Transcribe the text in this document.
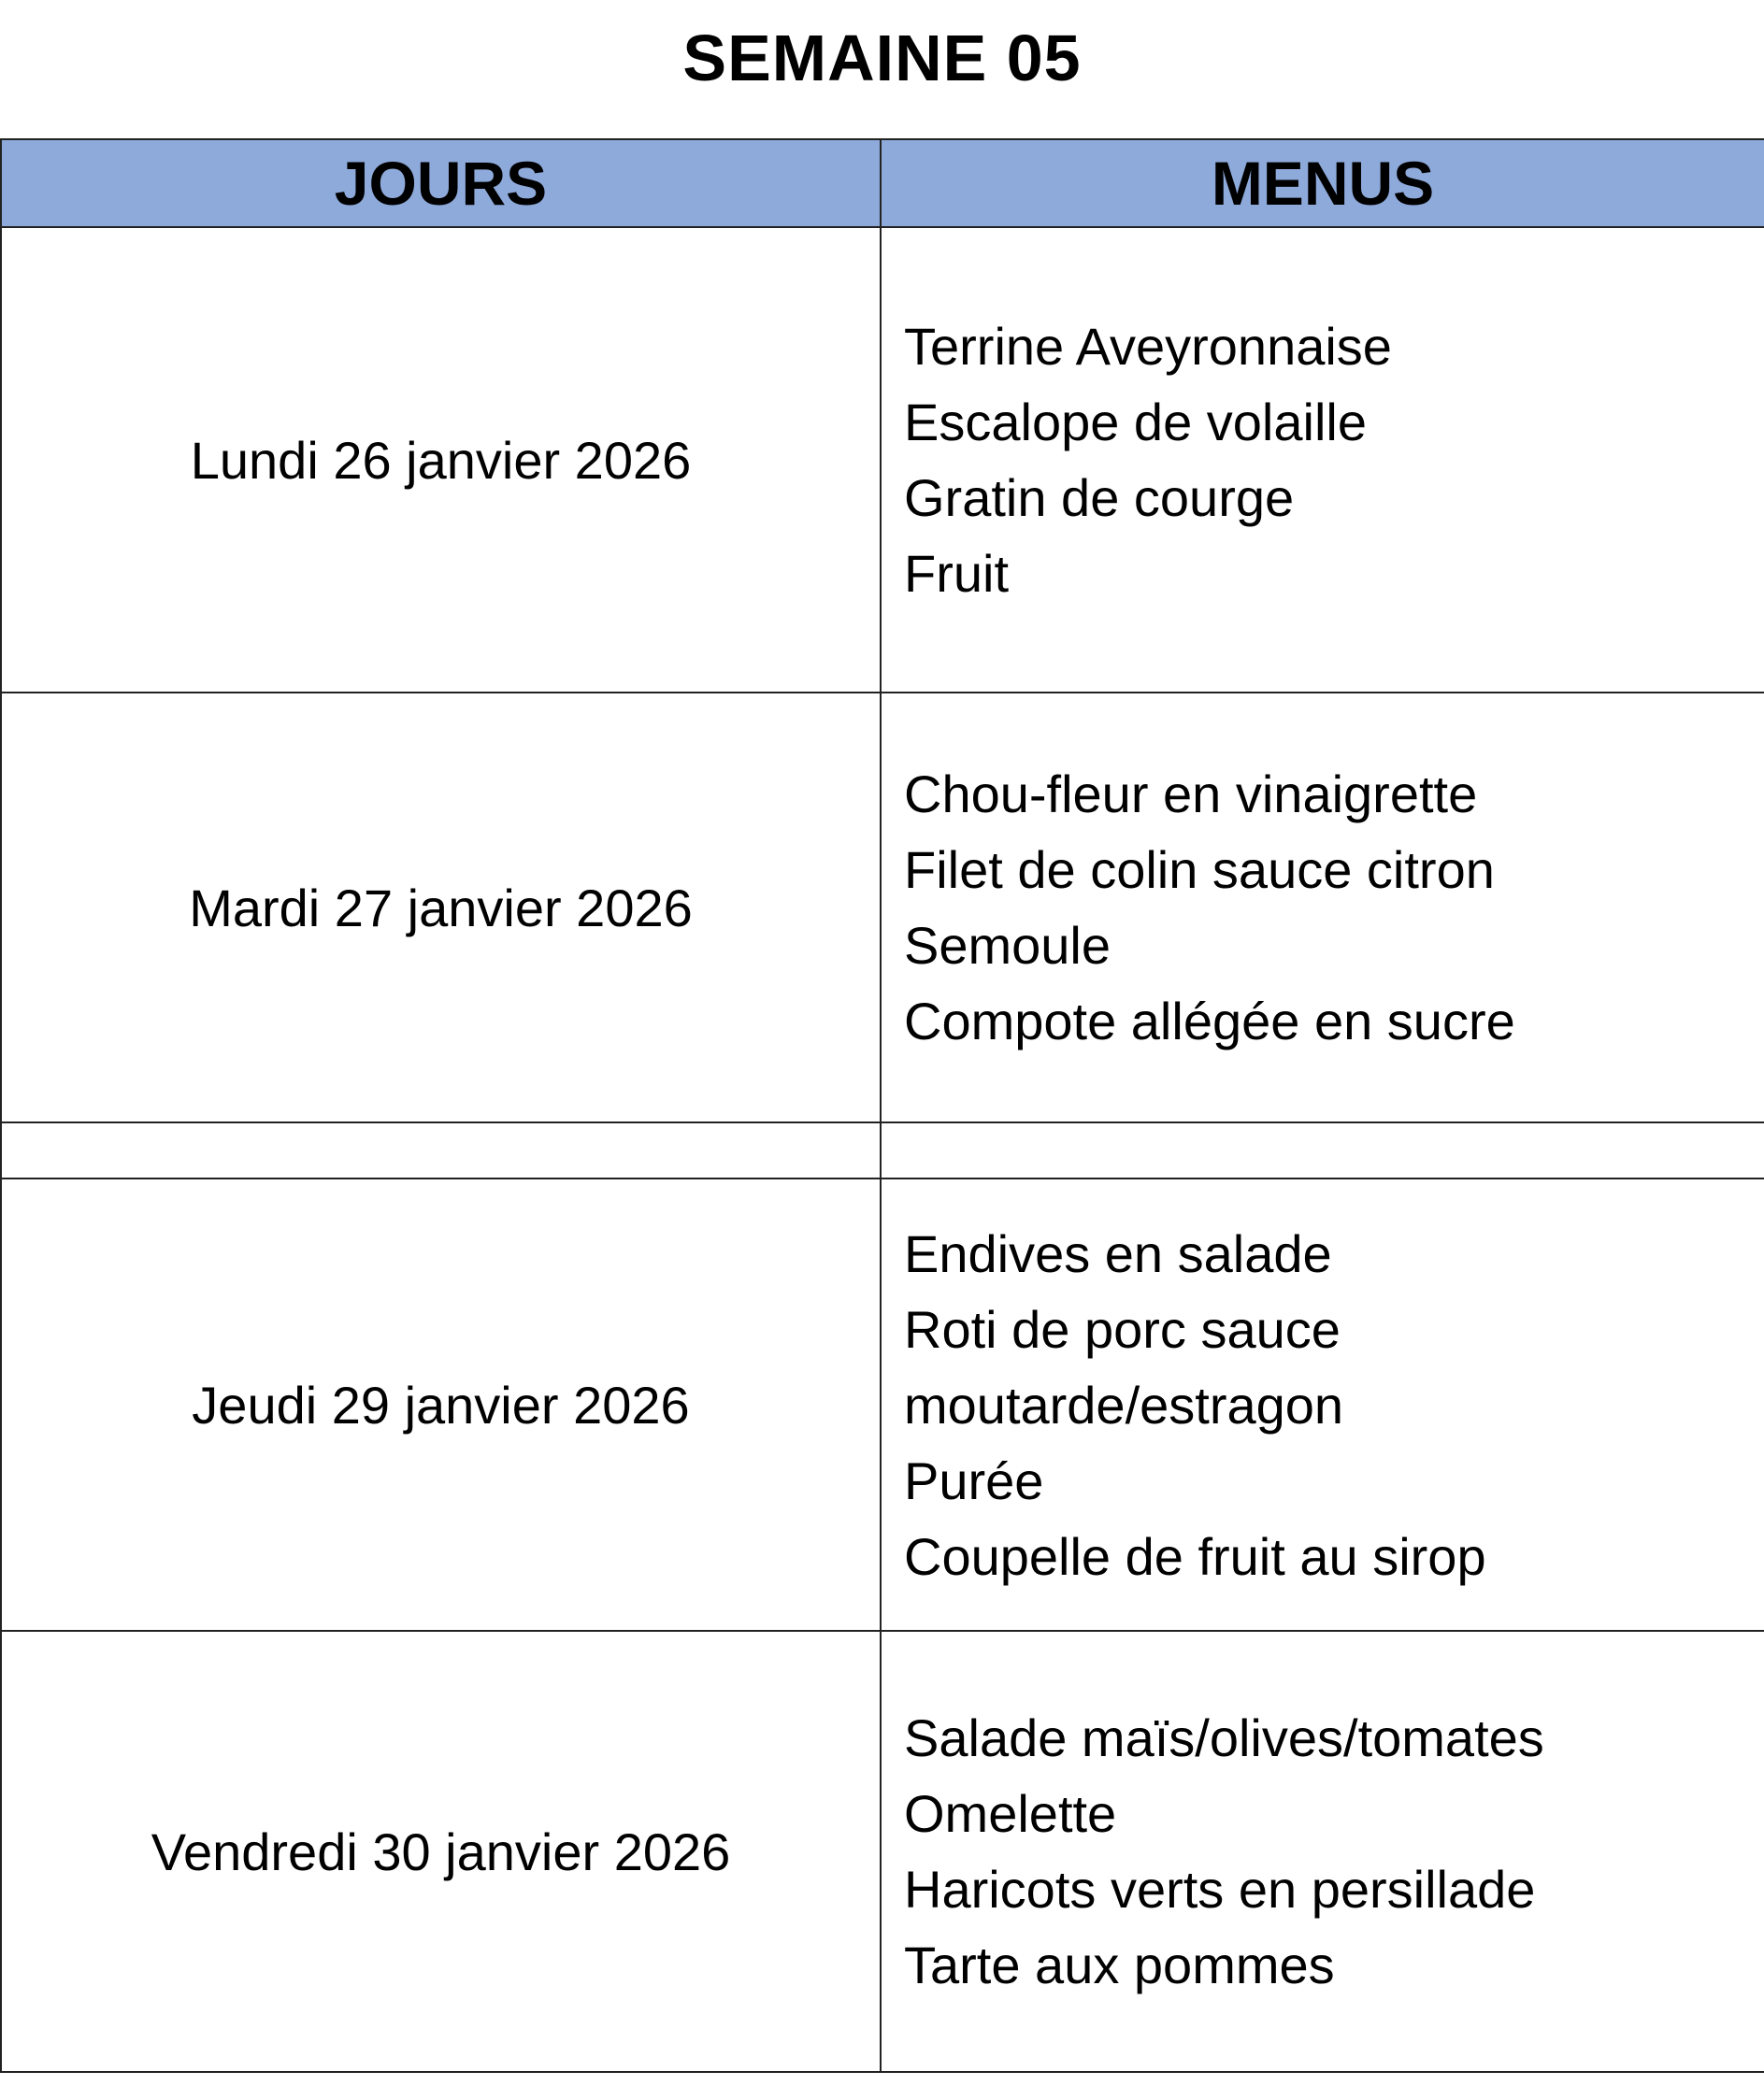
SEMAINE 05
JOURS	MENUS
Lundi 26 janvier 2026	Terrine Aveyronnaise
Escalope de volaille
Gratin de courge
Fruit

Mardi 27 janvier 2026	Chou-fleur en vinaigrette
Filet de colin sauce citron
Semoule
Compote allégée en sucre

Jeudi 29 janvier 2026	Endives en salade
Roti de porc sauce
moutarde/estragon
Purée
Coupelle de fruit au sirop

Vendredi 30 janvier 2026	Salade maïs/olives/tomates
Omelette
Haricots verts en persillade
Tarte aux pommes
